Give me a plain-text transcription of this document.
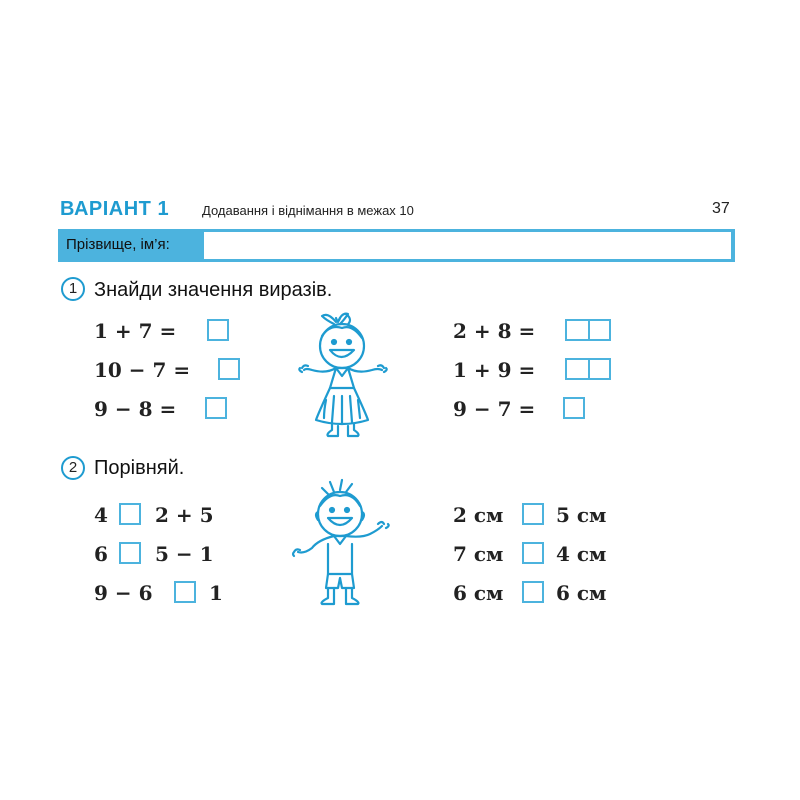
ВАРІАНТ 1	Додавання і віднімання в межах 10	37
Прізвище, ім’я:
1 Знайди значення виразів.
1 + 7 =
10 − 7 =
9 − 8 =
2 + 8 =
1 + 9 =
9 − 7 =
2 Порівняй.
4 2 + 5
6 5 − 1
9 − 6	1
2 см	5 см
7 см	4 см
6 см	6 см
